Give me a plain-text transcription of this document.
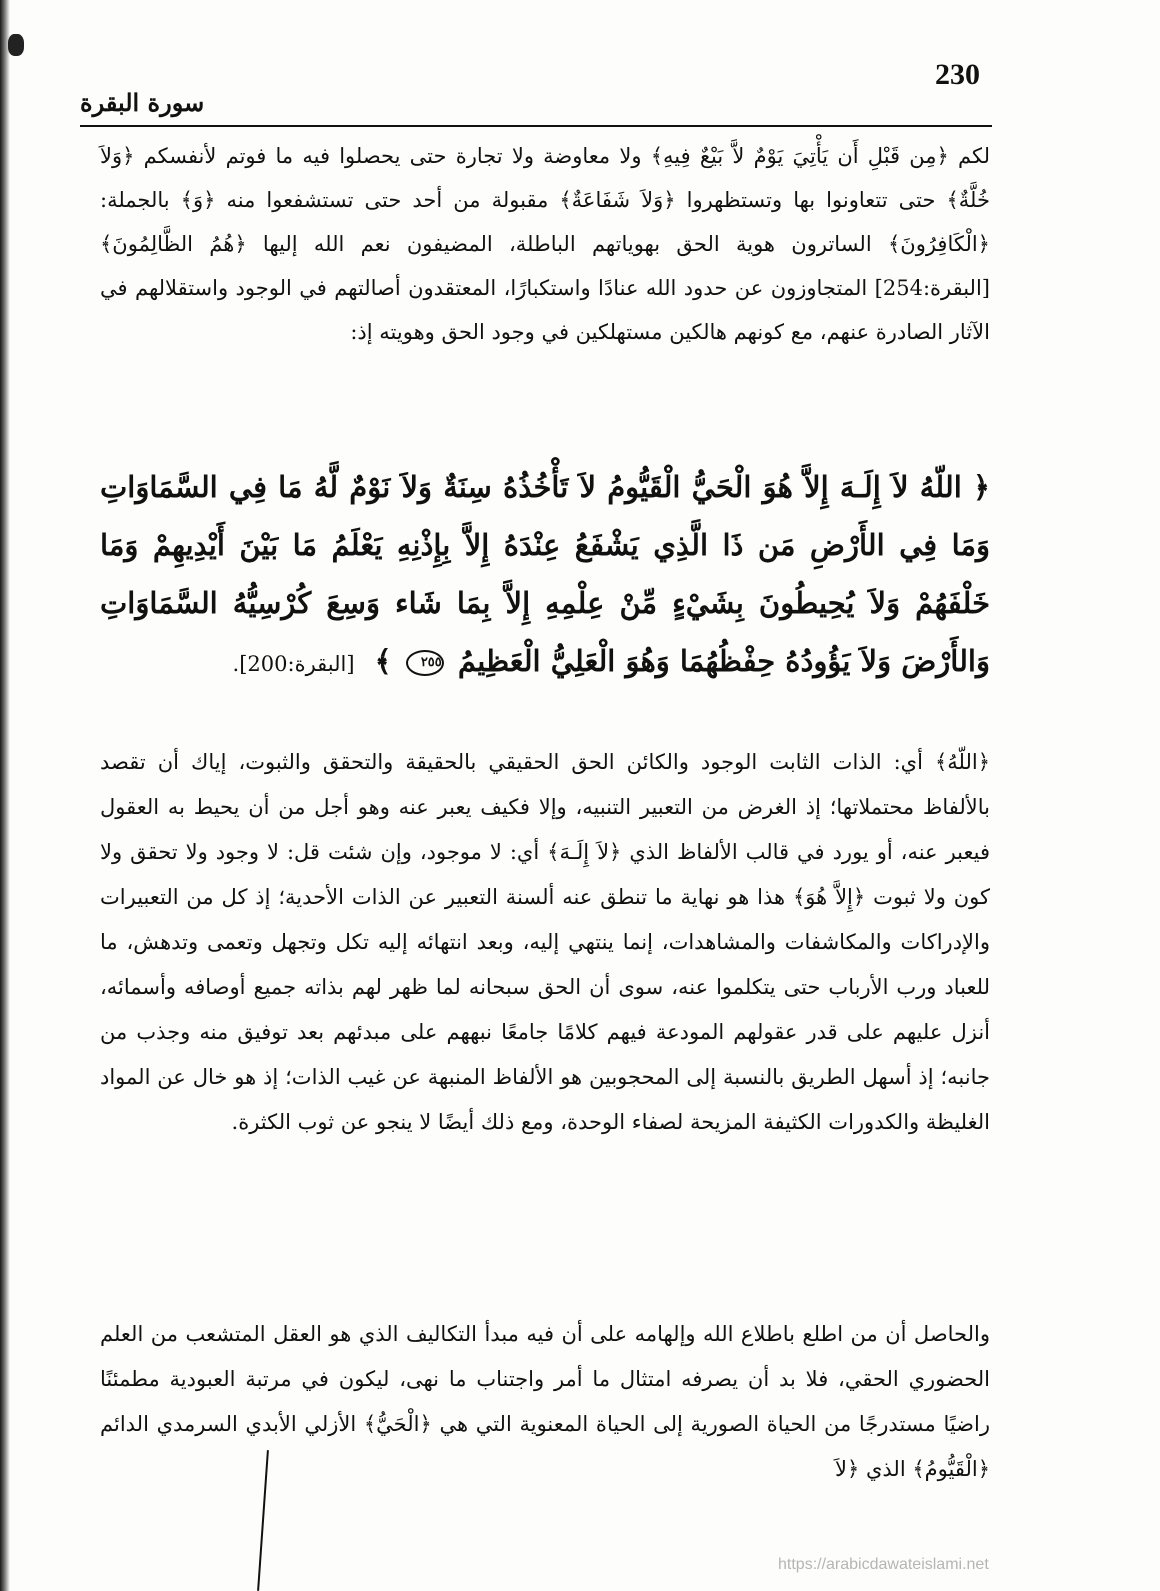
230
سورة البقرة

لكم ﴿مِن قَبْلِ أَن يَأْتِيَ يَوْمٌ لاَّ بَيْعٌ فِيهِ﴾ ولا معاوضة ولا تجارة حتى يحصلوا فيه ما فوتم لأنفسكم ﴿وَلاَ خُلَّةٌ﴾ حتى تتعاونوا بها وتستظهروا ﴿وَلاَ شَفَاعَةٌ﴾ مقبولة من أحد حتى تستشفعوا منه ﴿وَ﴾ بالجملة: ﴿الْكَافِرُونَ﴾ الساترون هوية الحق بهوياتهم الباطلة، المضيفون نعم الله إليها ﴿هُمُ الظَّالِمُونَ﴾ [البقرة:254] المتجاوزون عن حدود الله عنادًا واستكبارًا، المعتقدون أصالتهم في الوجود واستقلالهم في الآثار الصادرة عنهم، مع كونهم هالكين مستهلكين في وجود الحق وهويته إذ:

﴿ اللّهُ لاَ إِلَـهَ إِلاَّ هُوَ الْحَيُّ الْقَيُّومُ لاَ تَأْخُذُهُ سِنَةٌ وَلاَ نَوْمٌ لَّهُ مَا فِي السَّمَاوَاتِ وَمَا فِي الأَرْضِ مَن ذَا الَّذِي يَشْفَعُ عِنْدَهُ إِلاَّ بِإِذْنِهِ يَعْلَمُ مَا بَيْنَ أَيْدِيهِمْ وَمَا خَلْفَهُمْ وَلاَ يُحِيطُونَ بِشَيْءٍ مِّنْ عِلْمِهِ إِلاَّ بِمَا شَاء وَسِعَ كُرْسِيُّهُ السَّمَاوَاتِ وَالأَرْضَ وَلاَ يَؤُودُهُ حِفْظُهُمَا وَهُوَ الْعَلِيُّ الْعَظِيمُ ٢٥٥ ﴾ [البقرة:200].

﴿اللّهُ﴾ أي: الذات الثابت الوجود والكائن الحق الحقيقي بالحقيقة والتحقق والثبوت، إياك أن تقصد بالألفاظ محتملاتها؛ إذ الغرض من التعبير التنبيه، وإلا فكيف يعبر عنه وهو أجل من أن يحيط به العقول فيعبر عنه، أو يورد في قالب الألفاظ الذي ﴿لاَ إِلَـهَ﴾ أي: لا موجود، وإن شئت قل: لا وجود ولا تحقق ولا كون ولا ثبوت ﴿إِلاَّ هُوَ﴾ هذا هو نهاية ما تنطق عنه ألسنة التعبير عن الذات الأحدية؛ إذ كل من التعبيرات والإدراكات والمكاشفات والمشاهدات، إنما ينتهي إليه، وبعد انتهائه إليه تكل وتجهل وتعمى وتدهش، ما للعباد ورب الأرباب حتى يتكلموا عنه، سوى أن الحق سبحانه لما ظهر لهم بذاته جميع أوصافه وأسمائه، أنزل عليهم على قدر عقولهم المودعة فيهم كلامًا جامعًا نبههم على مبدئهم بعد توفيق منه وجذب من جانبه؛ إذ أسهل الطريق بالنسبة إلى المحجوبين هو الألفاظ المنبهة عن غيب الذات؛ إذ هو خال عن المواد الغليظة والكدورات الكثيفة المزيحة لصفاء الوحدة، ومع ذلك أيضًا لا ينجو عن ثوب الكثرة.

والحاصل أن من اطلع باطلاع الله وإلهامه على أن فيه مبدأ التكاليف الذي هو العقل المتشعب من العلم الحضوري الحقي، فلا بد أن يصرفه امتثال ما أمر واجتناب ما نهى، ليكون في مرتبة العبودية مطمئنًا راضيًا مستدرجًا من الحياة الصورية إلى الحياة المعنوية التي هي ﴿الْحَيُّ﴾ الأزلي الأبدي السرمدي الدائم ﴿الْقَيُّومُ﴾ الذي ﴿لاَ

https://arabicdawateislami.net
